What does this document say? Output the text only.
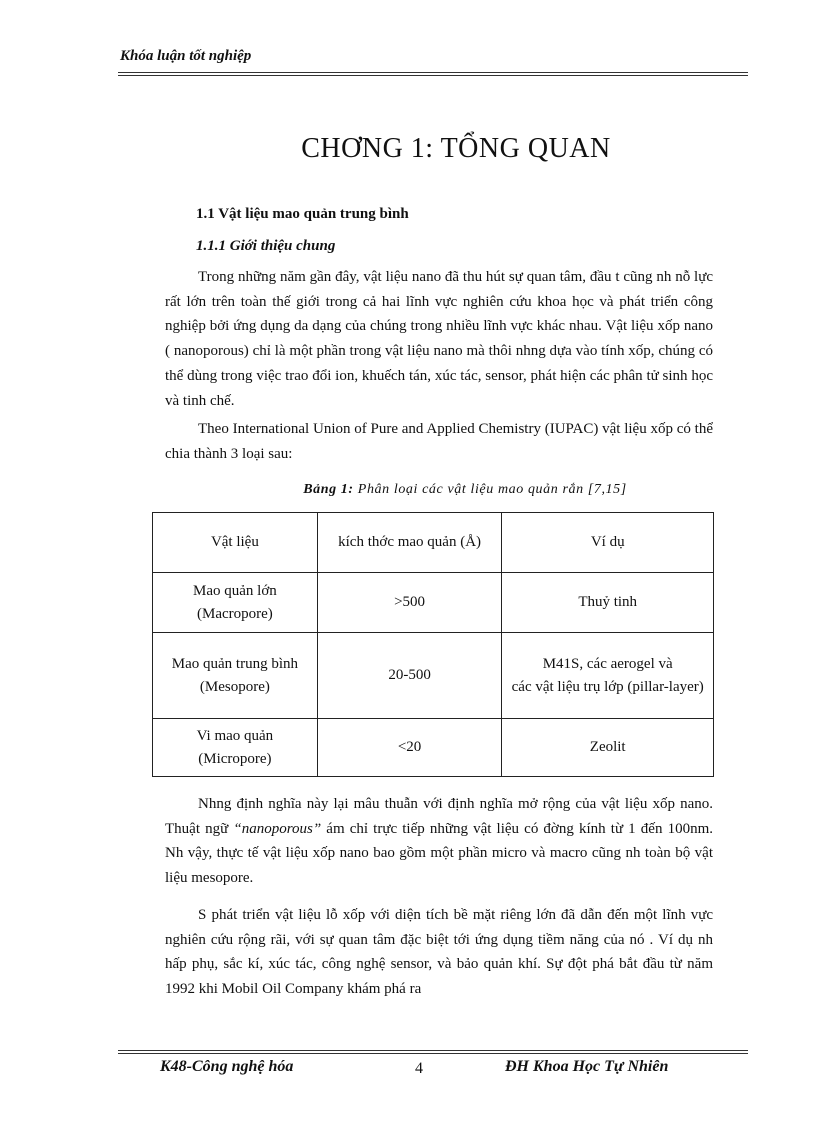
Khóa luận tốt nghiệp
CHƠNG 1: TỔNG QUAN
1.1 Vật liệu mao quản trung bình
1.1.1 Giới thiệu chung

Trong những năm gần đây, vật liệu nano đã thu hút sự quan tâm, đầu t cũng nh nỗ lực rất lớn trên toàn thế giới trong cả hai lĩnh vực nghiên cứu khoa học và phát triển công nghiệp bởi ứng dụng da dạng của chúng trong nhiều lĩnh vực khác nhau. Vật liệu xốp nano ( nanoporous) chỉ là một phần trong vật liệu nano mà thôi nhng dựa vào tính xốp, chúng có thể dùng trong việc trao đổi ion, khuếch tán, xúc tác, sensor, phát hiện các phân tử sinh học và tinh chế.

Theo International Union of Pure and Applied Chemistry (IUPAC) vật liệu xốp có thể chia thành 3 loại sau:

Bảng 1: Phân loại các vật liệu mao quản rắn [7,15]
Vật liệu	kích thớc mao quản (Å)	Ví dụ
Mao quản lớn
(Macropore)	>500	Thuỷ tinh
Mao quản trung bình
(Mesopore)	20-500	M41S, các aerogel và
các vật liệu trụ lớp (pillar-layer)
Vi mao quản
(Micropore)	<20	Zeolit

Nhng định nghĩa này lại mâu thuẫn với định nghĩa mở rộng của vật liệu xốp nano. Thuật ngữ “nanoporous” ám chỉ trực tiếp những vật liệu có đờng kính từ 1 đến 100nm. Nh vậy, thực tế vật liệu xốp nano bao gồm một phần micro và macro cũng nh toàn bộ vật liệu mesopore.

S phát triển vật liệu lỗ xốp với diện tích bề mặt riêng lớn đã dẫn đến một lĩnh vực nghiên cứu rộng rãi, với sự quan tâm đặc biệt tới ứng dụng tiềm năng của nó . Ví dụ nh hấp phụ, sắc kí, xúc tác, công nghệ sensor, và bảo quản khí. Sự đột phá bắt đầu từ năm 1992 khi Mobil Oil Company khám phá ra

K48-Công nghệ hóa	4	ĐH Khoa Học Tự Nhiên
